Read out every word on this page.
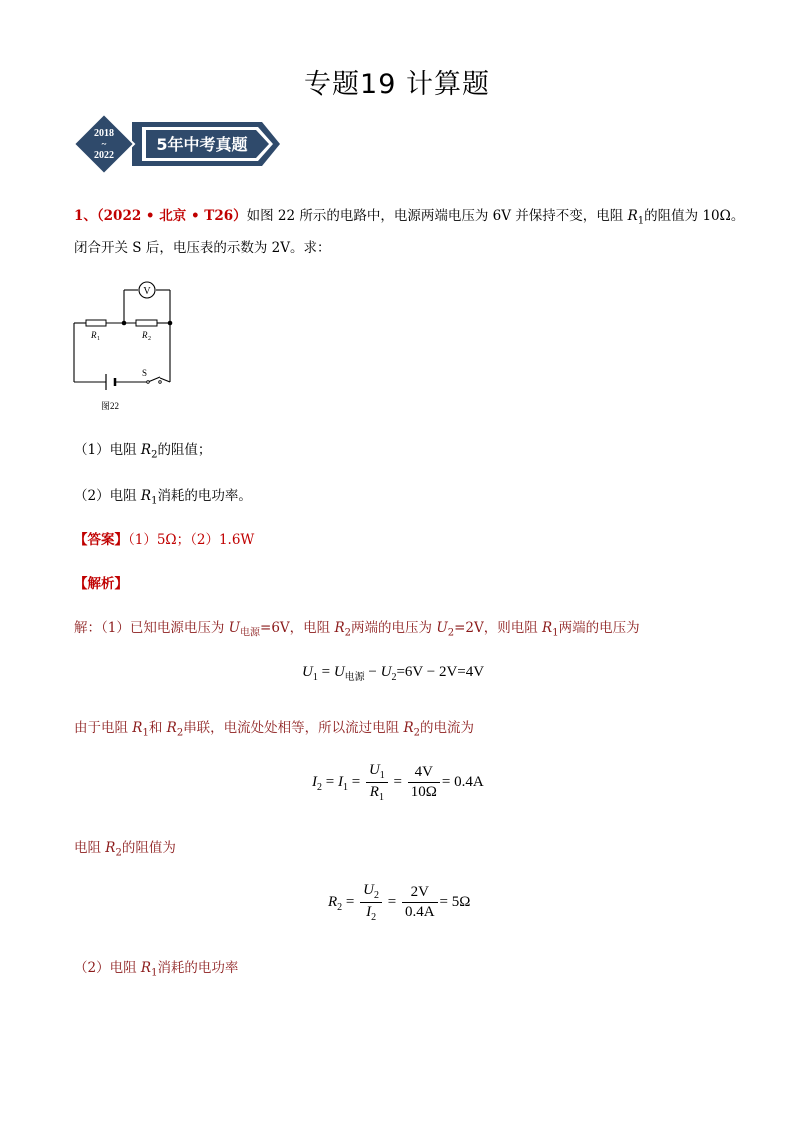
专题19 计算题
2018
~
2022
5年中考真题
1、（2022 • 北京 • T26）如图 22 所示的电路中，电源两端电压为 6V 并保持不变，电阻 $R_1$的阻值为 10Ω。
闭合开关 S 后，电压表的示数为 2V。求：
V
R 1	R 2
S
图22
（1）电阻 $R_2$的阻值；
（2）电阻 $R_1$消耗的电功率。
【答案】（1）5Ω；（2）1.6W
【解析】
解：（1）已知电源电压为 $U_{电源}=6V$，电阻 $R_2$两端的电压为 $U_2=2V$，则电阻 $R_1$两端的电压为
$U_1 = U_{电源} - U_2=6V - 2V=4V$
由于电阻 $R_1$和 $R_2$串联，电流处处相等，所以流过电阻 $R_2$的电流为
$I_2 = I_1 = \frac{U_1}{R_1} = \frac{4V}{10\Omega} = 0.4A$
电阻 $R_2$的阻值为
$R_2 = \frac{U_2}{I_2} = \frac{2V}{0.4A} = 5\Omega$
（2）电阻 $R_1$消耗的电功率
